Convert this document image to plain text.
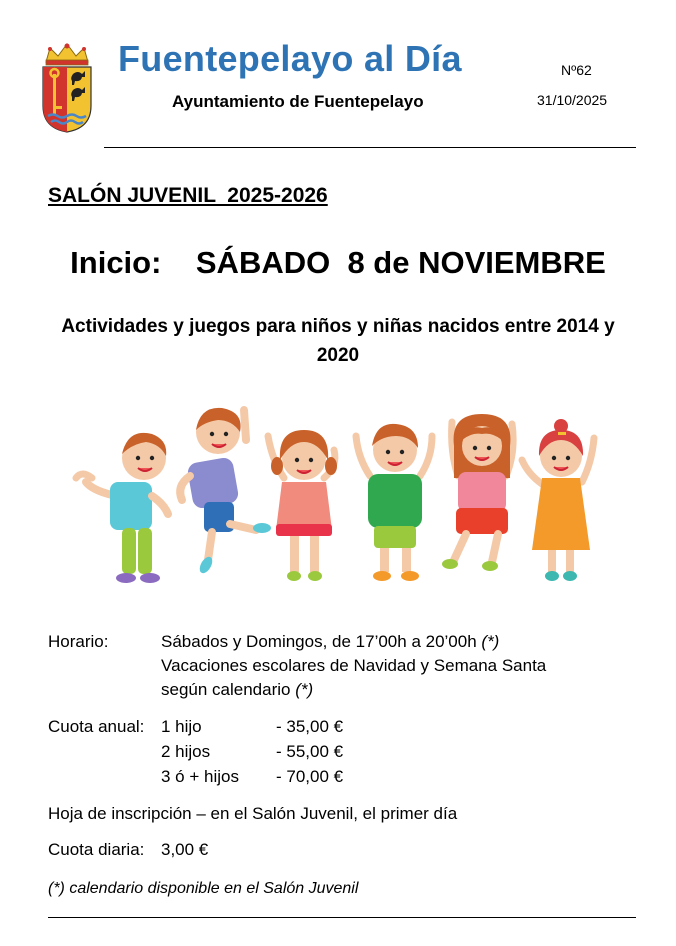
Fuentepelayo al Día
Ayuntamiento de Fuentepelayo
Nº62
31/10/2025
SALÓN JUVENIL  2025-2026
Inicio:    SÁBADO  8 de NOVIEMBRE
Actividades y juegos para niños y niñas nacidos entre 2014 y 2020
Horario:	Sábados y Domingos, de 17’00h a 20’00h (*)
Vacaciones escolares de Navidad y Semana Santa
según calendario (*)
Cuota anual: 1 hijo	- 35,00 €
2 hijos	- 55,00 €
3 ó + hijos - 70,00 €
Hoja de inscripción – en el Salón Juvenil, el primer día
Cuota diaria: 3,00 €
(*) calendario disponible en el Salón Juvenil
